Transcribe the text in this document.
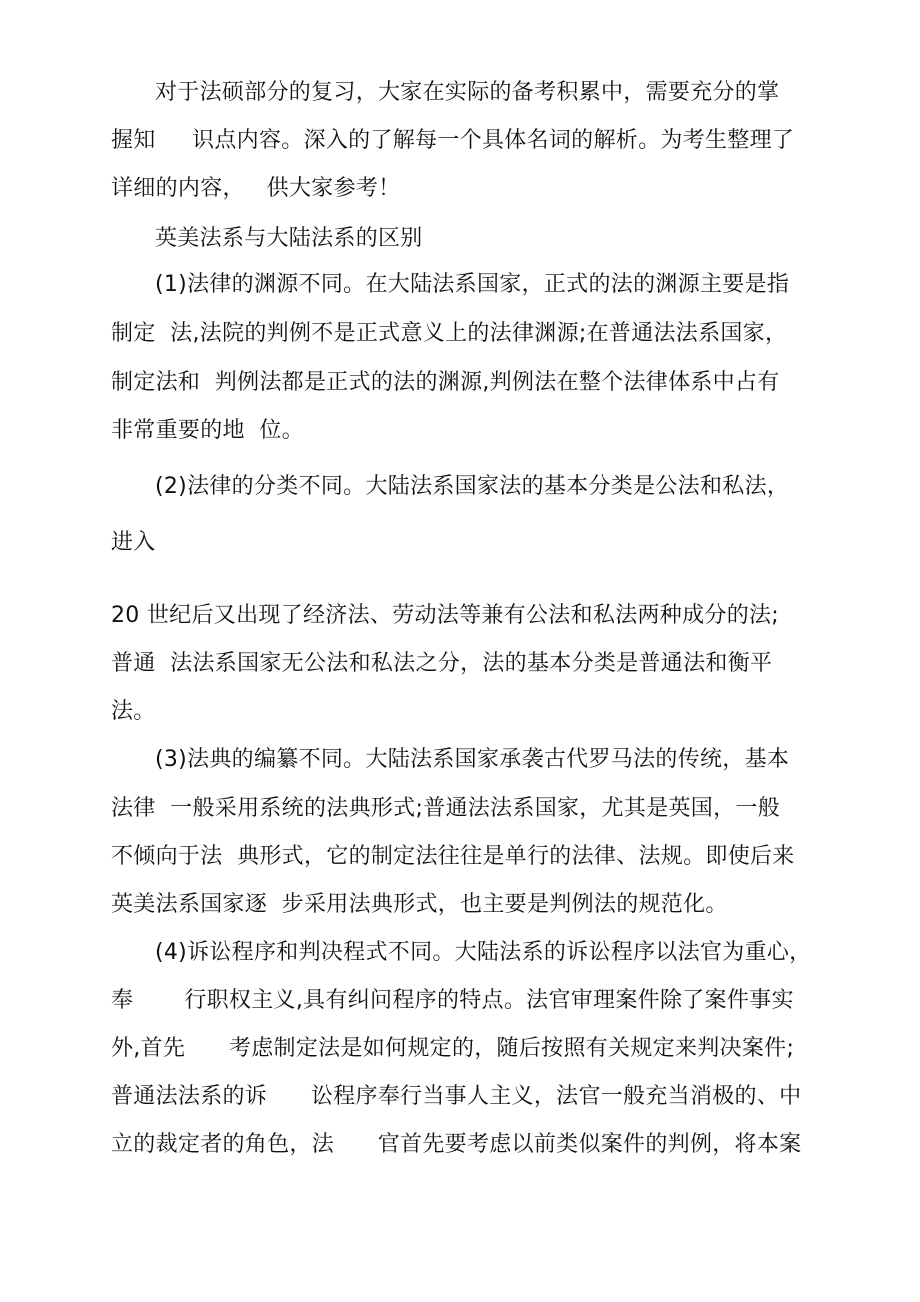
对于法硕部分的复习，大家在实际的备考积累中，需要充分的掌
握知     识点内容。深入的了解每一个具体名词的解析。为考生整理了
详细的内容，   供大家参考！
英美法系与大陆法系的区别
(1)法律的渊源不同。在大陆法系国家，正式的法的渊源主要是指
制定  法,法院的判例不是正式意义上的法律渊源;在普通法法系国家，
制定法和  判例法都是正式的法的渊源,判例法在整个法律体系中占有
非常重要的地  位。
(2)法律的分类不同。大陆法系国家法的基本分类是公法和私法，
进入
20 世纪后又出现了经济法、劳动法等兼有公法和私法两种成分的法;
普通  法法系国家无公法和私法之分，法的基本分类是普通法和衡平
法。
(3)法典的编纂不同。大陆法系国家承袭古代罗马法的传统，基本
法律  一般采用系统的法典形式;普通法法系国家，尤其是英国，一般
不倾向于法  典形式，它的制定法往往是单行的法律、法规。即使后来
英美法系国家逐  步采用法典形式，也主要是判例法的规范化。
(4)诉讼程序和判决程式不同。大陆法系的诉讼程序以法官为重心，
奉       行职权主义,具有纠问程序的特点。法官审理案件除了案件事实
外,首先      考虑制定法是如何规定的，随后按照有关规定来判决案件;
普通法法系的诉      讼程序奉行当事人主义，法官一般充当消极的、中
立的裁定者的角色，法      官首先要考虑以前类似案件的判例，将本案
